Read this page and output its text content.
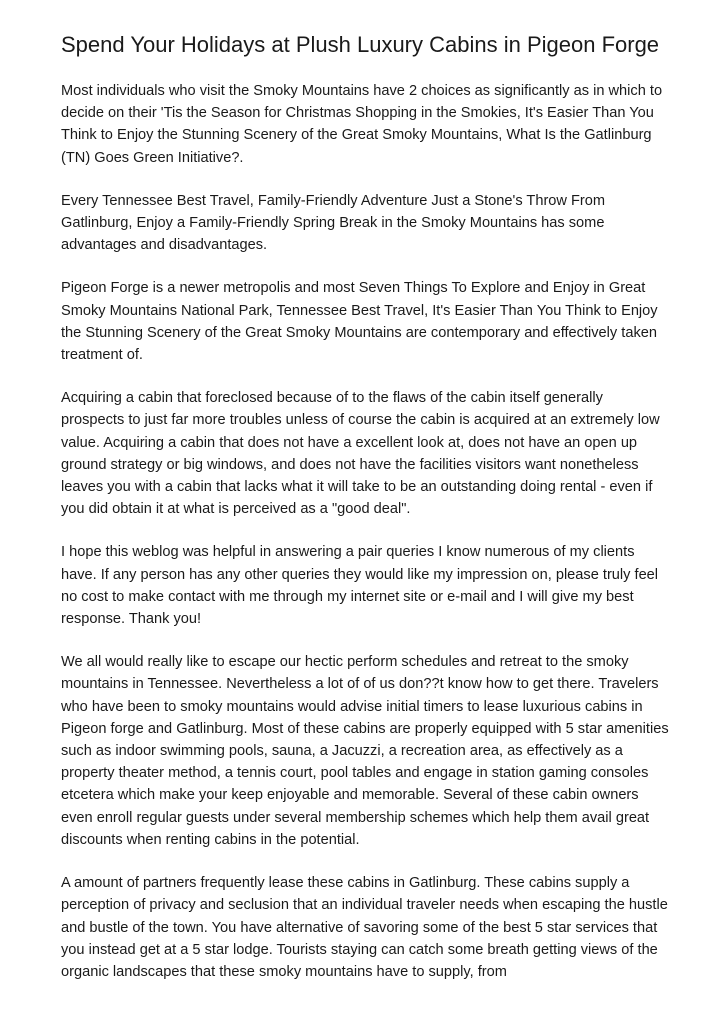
Spend Your Holidays at Plush Luxury Cabins in Pigeon Forge

Most individuals who visit the Smoky Mountains have 2 choices as significantly as in which to decide on their 'Tis the Season for Christmas Shopping in the Smokies, It's Easier Than You Think to Enjoy the Stunning Scenery of the Great Smoky Mountains, What Is the Gatlinburg (TN) Goes Green Initiative?.

Every Tennessee Best Travel, Family-Friendly Adventure Just a Stone's Throw From Gatlinburg, Enjoy a Family-Friendly Spring Break in the Smoky Mountains has some advantages and disadvantages.

Pigeon Forge is a newer metropolis and most Seven Things To Explore and Enjoy in Great Smoky Mountains National Park, Tennessee Best Travel, It's Easier Than You Think to Enjoy the Stunning Scenery of the Great Smoky Mountains are contemporary and effectively taken treatment of.

Acquiring a cabin that foreclosed because of to the flaws of the cabin itself generally prospects to just far more troubles unless of course the cabin is acquired at an extremely low value. Acquiring a cabin that does not have a excellent look at, does not have an open up ground strategy or big windows, and does not have the facilities visitors want nonetheless leaves you with a cabin that lacks what it will take to be an outstanding doing rental - even if you did obtain it at what is perceived as a "good deal".

I hope this weblog was helpful in answering a pair queries I know numerous of my clients have. If any person has any other queries they would like my impression on, please truly feel no cost to make contact with me through my internet site or e-mail and I will give my best response. Thank you!

We all would really like to escape our hectic perform schedules and retreat to the smoky mountains in Tennessee. Nevertheless a lot of of us don??t know how to get there. Travelers who have been to smoky mountains would advise initial timers to lease luxurious cabins in Pigeon forge and Gatlinburg. Most of these cabins are properly equipped with 5 star amenities such as indoor swimming pools, sauna, a Jacuzzi, a recreation area, as effectively as a property theater method, a tennis court, pool tables and engage in station gaming consoles etcetera which make your keep enjoyable and memorable. Several of these cabin owners even enroll regular guests under several membership schemes which help them avail great discounts when renting cabins in the potential.

A amount of partners frequently lease these cabins in Gatlinburg. These cabins supply a perception of privacy and seclusion that an individual traveler needs when escaping the hustle and bustle of the town. You have alternative of savoring some of the best 5 star services that you instead get at a 5 star lodge. Tourists staying can catch some breath getting views of the organic landscapes that these smoky mountains have to supply, from
